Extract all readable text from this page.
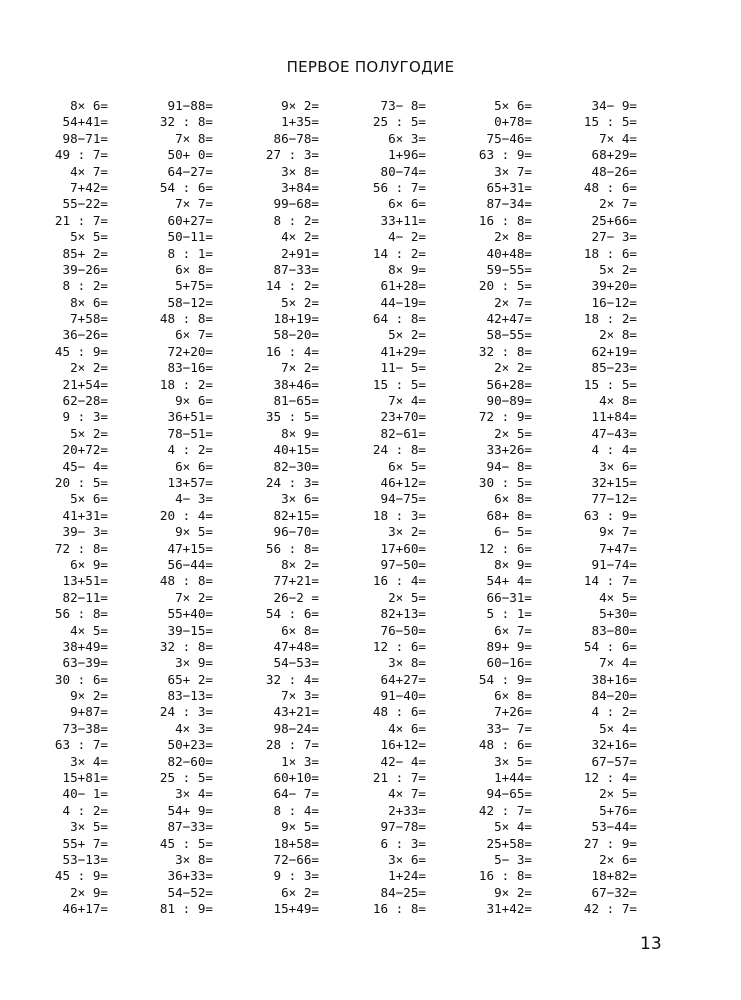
ПЕРВОЕ ПОЛУГОДИЕ
8× 6=
54+41=
98−71=
49 : 7=
4× 7=
7+42=
55−22=
21 : 7=
5× 5=
85+ 2=
39−26=
8 : 2=
8× 6=
7+58=
36−26=
45 : 9=
2× 2=
21+54=
62−28=
9 : 3=
5× 2=
20+72=
45− 4=
20 : 5=
5× 6=
41+31=
39− 3=
72 : 8=
6× 9=
13+51=
82−11=
56 : 8=
4× 5=
38+49=
63−39=
30 : 6=
9× 2=
9+87=
73−38=
63 : 7=
3× 4=
15+81=
40− 1=
4 : 2=
3× 5=
55+ 7=
53−13=
45 : 9=
2× 9=
46+17=
91−88=
32 : 8=
7× 8=
50+ 0=
64−27=
54 : 6=
7× 7=
60+27=
50−11=
8 : 1=
6× 8=
5+75=
58−12=
48 : 8=
6× 7=
72+20=
83−16=
18 : 2=
9× 6=
36+51=
78−51=
4 : 2=
6× 6=
13+57=
4− 3=
20 : 4=
9× 5=
47+15=
56−44=
48 : 8=
7× 2=
55+40=
39−15=
32 : 8=
3× 9=
65+ 2=
83−13=
24 : 3=
4× 3=
50+23=
82−60=
25 : 5=
3× 4=
54+ 9=
87−33=
45 : 5=
3× 8=
36+33=
54−52=
81 : 9=
9× 2=
1+35=
86−78=
27 : 3=
3× 8=
3+84=
99−68=
8 : 2=
4× 2=
2+91=
87−33=
14 : 2=
5× 2=
18+19=
58−20=
16 : 4=
7× 2=
38+46=
81−65=
35 : 5=
8× 9=
40+15=
82−30=
24 : 3=
3× 6=
82+15=
96−70=
56 : 8=
8× 2=
77+21=
26−2 =
54 : 6=
6× 8=
47+48=
54−53=
32 : 4=
7× 3=
43+21=
98−24=
28 : 7=
1× 3=
60+10=
64− 7=
8 : 4=
9× 5=
18+58=
72−66=
9 : 3=
6× 2=
15+49=
73− 8=
25 : 5=
6× 3=
1+96=
80−74=
56 : 7=
6× 6=
33+11=
4− 2=
14 : 2=
8× 9=
61+28=
44−19=
64 : 8=
5× 2=
41+29=
11− 5=
15 : 5=
7× 4=
23+70=
82−61=
24 : 8=
6× 5=
46+12=
94−75=
18 : 3=
3× 2=
17+60=
97−50=
16 : 4=
2× 5=
82+13=
76−50=
12 : 6=
3× 8=
64+27=
91−40=
48 : 6=
4× 6=
16+12=
42− 4=
21 : 7=
4× 7=
2+33=
97−78=
6 : 3=
3× 6=
1+24=
84−25=
16 : 8=
5× 6=
0+78=
75−46=
63 : 9=
3× 7=
65+31=
87−34=
16 : 8=
2× 8=
40+48=
59−55=
20 : 5=
2× 7=
42+47=
58−55=
32 : 8=
2× 2=
56+28=
90−89=
72 : 9=
2× 5=
33+26=
94− 8=
30 : 5=
6× 8=
68+ 8=
6− 5=
12 : 6=
8× 9=
54+ 4=
66−31=
5 : 1=
6× 7=
89+ 9=
60−16=
54 : 9=
6× 8=
7+26=
33− 7=
48 : 6=
3× 5=
1+44=
94−65=
42 : 7=
5× 4=
25+58=
5− 3=
16 : 8=
9× 2=
31+42=
34− 9=
15 : 5=
7× 4=
68+29=
48−26=
48 : 6=
2× 7=
25+66=
27− 3=
18 : 6=
5× 2=
39+20=
16−12=
18 : 2=
2× 8=
62+19=
85−23=
15 : 5=
4× 8=
11+84=
47−43=
4 : 4=
3× 6=
32+15=
77−12=
63 : 9=
9× 7=
7+47=
91−74=
14 : 7=
4× 5=
5+30=
83−80=
54 : 6=
7× 4=
38+16=
84−20=
4 : 2=
5× 4=
32+16=
67−57=
12 : 4=
2× 5=
5+76=
53−44=
27 : 9=
2× 6=
18+82=
67−32=
42 : 7=
13
